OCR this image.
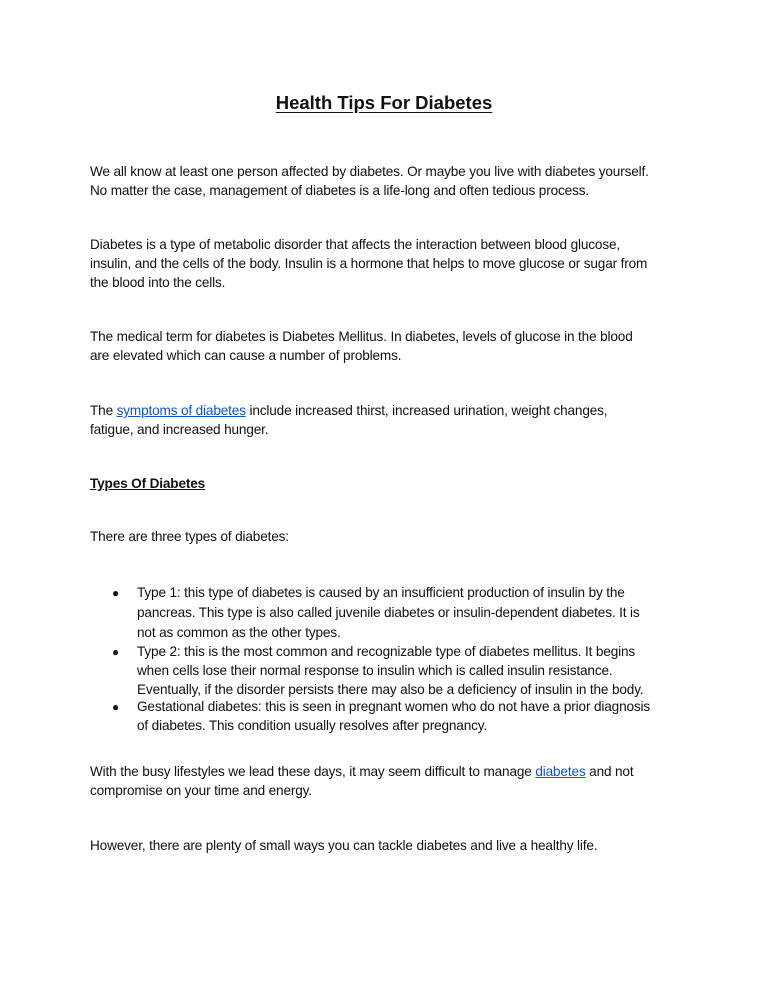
Health Tips For Diabetes
We all know at least one person affected by diabetes. Or maybe you live with diabetes yourself.
No matter the case, management of diabetes is a life-long and often tedious process.
Diabetes is a type of metabolic disorder that affects the interaction between blood glucose,
insulin, and the cells of the body. Insulin is a hormone that helps to move glucose or sugar from
the blood into the cells.
The medical term for diabetes is Diabetes Mellitus. In diabetes, levels of glucose in the blood
are elevated which can cause a number of problems.
The symptoms of diabetes include increased thirst, increased urination, weight changes,
fatigue, and increased hunger.
Types Of Diabetes
There are three types of diabetes:
● Type 1: this type of diabetes is caused by an insufficient production of insulin by the
pancreas. This type is also called juvenile diabetes or insulin-dependent diabetes. It is
not as common as the other types.
● Type 2: this is the most common and recognizable type of diabetes mellitus. It begins
when cells lose their normal response to insulin which is called insulin resistance.
Eventually, if the disorder persists there may also be a deficiency of insulin in the body.
● Gestational diabetes: this is seen in pregnant women who do not have a prior diagnosis
of diabetes. This condition usually resolves after pregnancy.
With the busy lifestyles we lead these days, it may seem difficult to manage diabetes and not
compromise on your time and energy.
However, there are plenty of small ways you can tackle diabetes and live a healthy life.
